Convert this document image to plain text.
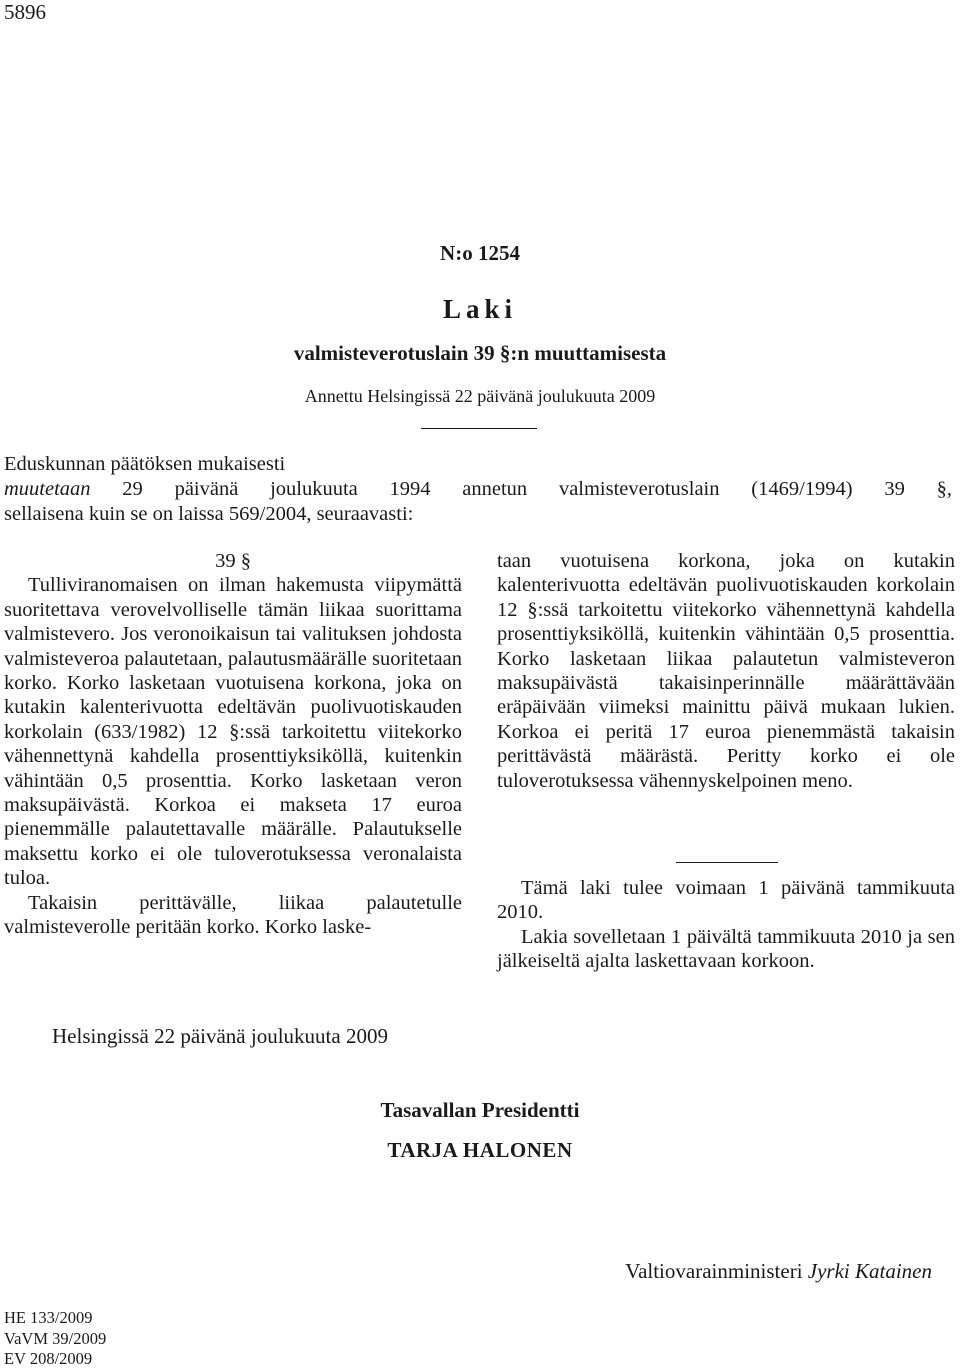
5896
N:o 1254
Laki
valmisteverotuslain 39 §:n muuttamisesta
Annettu Helsingissä 22 päivänä joulukuuta 2009

Eduskunnan päätöksen mukaisesti

muutetaan 29 päivänä joulukuuta 1994 annetun valmisteverotuslain (1469/1994) 39 §,

sellaisena kuin se on laissa 569/2004, seuraavasti:

39 §

Tulliviranomaisen on ilman hakemusta viipymättä suoritettava verovelvolliselle tämän liikaa suorittama valmistevero. Jos veronoikaisun tai valituksen johdosta valmisteveroa palautetaan, palautusmäärälle suoritetaan korko. Korko lasketaan vuotuisena korkona, joka on kutakin kalenterivuotta edeltävän puolivuotiskauden korkolain (633/1982) 12 §:ssä tarkoitettu viitekorko vähennettynä kahdella prosenttiyksiköllä, kuitenkin vähintään 0,5 prosenttia. Korko lasketaan veron maksupäivästä. Korkoa ei makseta 17 euroa pienemmälle palautettavalle määrälle. Palautukselle maksettu korko ei ole tuloverotuksessa veronalaista tuloa.

Takaisin perittävälle, liikaa palautetulle valmisteverolle peritään korko. Korko laske-

taan vuotuisena korkona, joka on kutakin kalenterivuotta edeltävän puolivuotiskauden korkolain 12 §:ssä tarkoitettu viitekorko vähennettynä kahdella prosenttiyksiköllä, kuitenkin vähintään 0,5 prosenttia. Korko lasketaan liikaa palautetun valmisteveron maksupäivästä takaisinperinnälle määrättävään eräpäivään viimeksi mainittu päivä mukaan lukien. Korkoa ei peritä 17 euroa pienemmästä takaisin perittävästä määrästä. Peritty korko ei ole tuloverotuksessa vähennyskelpoinen meno.

Tämä laki tulee voimaan 1 päivänä tammikuuta 2010.

Lakia sovelletaan 1 päivältä tammikuuta 2010 ja sen jälkeiseltä ajalta laskettavaan korkoon.

Helsingissä 22 päivänä joulukuuta 2009
Tasavallan Presidentti
TARJA HALONEN
Valtiovarainministeri Jyrki Katainen
HE 133/2009
VaVM 39/2009
EV 208/2009
